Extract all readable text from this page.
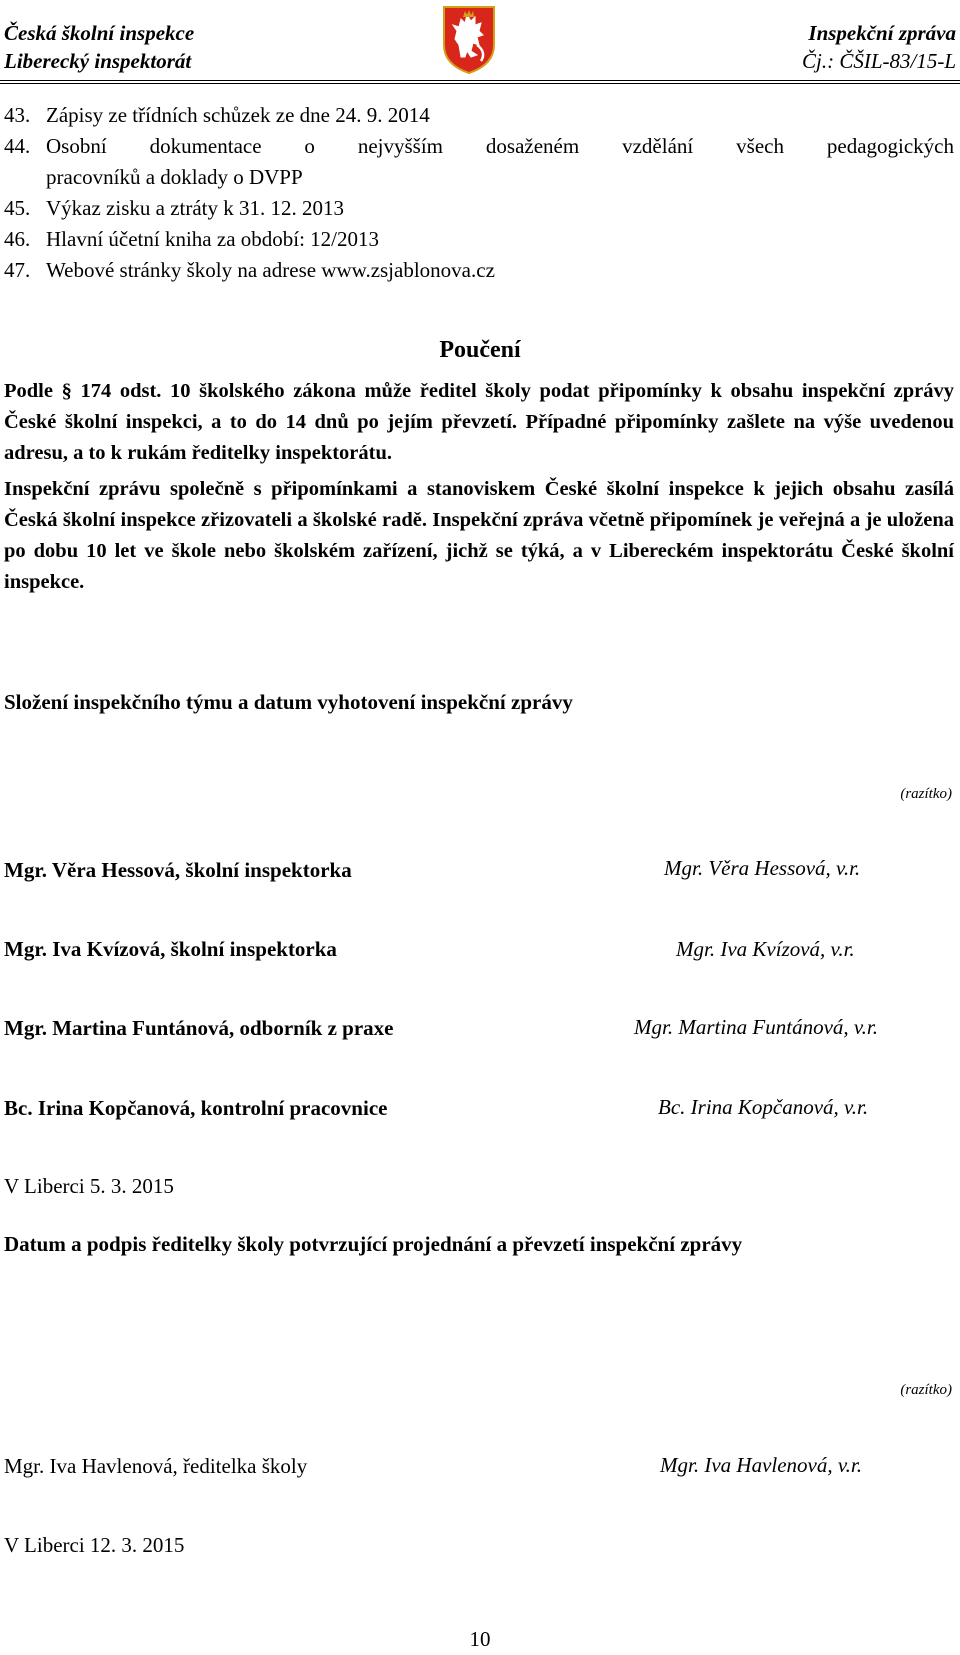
Česká školní inspekce
Liberecký inspektorát
Inspekční zpráva
Čj.: ČŠIL-83/15-L
43. Zápisy ze třídních schůzek ze dne 24. 9. 2014
44. Osobní dokumentace o nejvyšším dosaženém vzdělání všech pedagogických
pracovníků a doklady o DVPP
45. Výkaz zisku a ztráty k 31. 12. 2013
46. Hlavní účetní kniha za období: 12/2013
47. Webové stránky školy na adrese www.zsjablonova.cz
Poučení
Podle § 174 odst. 10 školského zákona může ředitel školy podat připomínky k obsahu inspekční zprávy České školní inspekci, a to do 14 dnů po jejím převzetí. Případné připomínky zašlete na výše uvedenou adresu, a to k rukám ředitelky inspektorátu.
Inspekční zprávu společně s připomínkami a stanoviskem České školní inspekce k jejich obsahu zasílá Česká školní inspekce zřizovateli a školské radě. Inspekční zpráva včetně připomínek je veřejná a je uložena po dobu 10 let ve škole nebo školském zařízení, jichž se týká, a v Libereckém inspektorátu České školní inspekce.
Složení inspekčního týmu a datum vyhotovení inspekční zprávy
(razítko)
Mgr. Věra Hessová, školní inspektorka	Mgr. Věra Hessová, v.r.
Mgr. Iva Kvízová, školní inspektorka	Mgr. Iva Kvízová, v.r.
Mgr. Martina Funtánová, odborník z praxe	Mgr. Martina Funtánová, v.r.
Bc. Irina Kopčanová, kontrolní pracovnice	Bc. Irina Kopčanová, v.r.
V Liberci 5. 3. 2015
Datum a podpis ředitelky školy potvrzující projednání a převzetí inspekční zprávy
(razítko)
Mgr. Iva Havlenová, ředitelka školy	Mgr. Iva Havlenová, v.r.
V Liberci 12. 3. 2015
10
